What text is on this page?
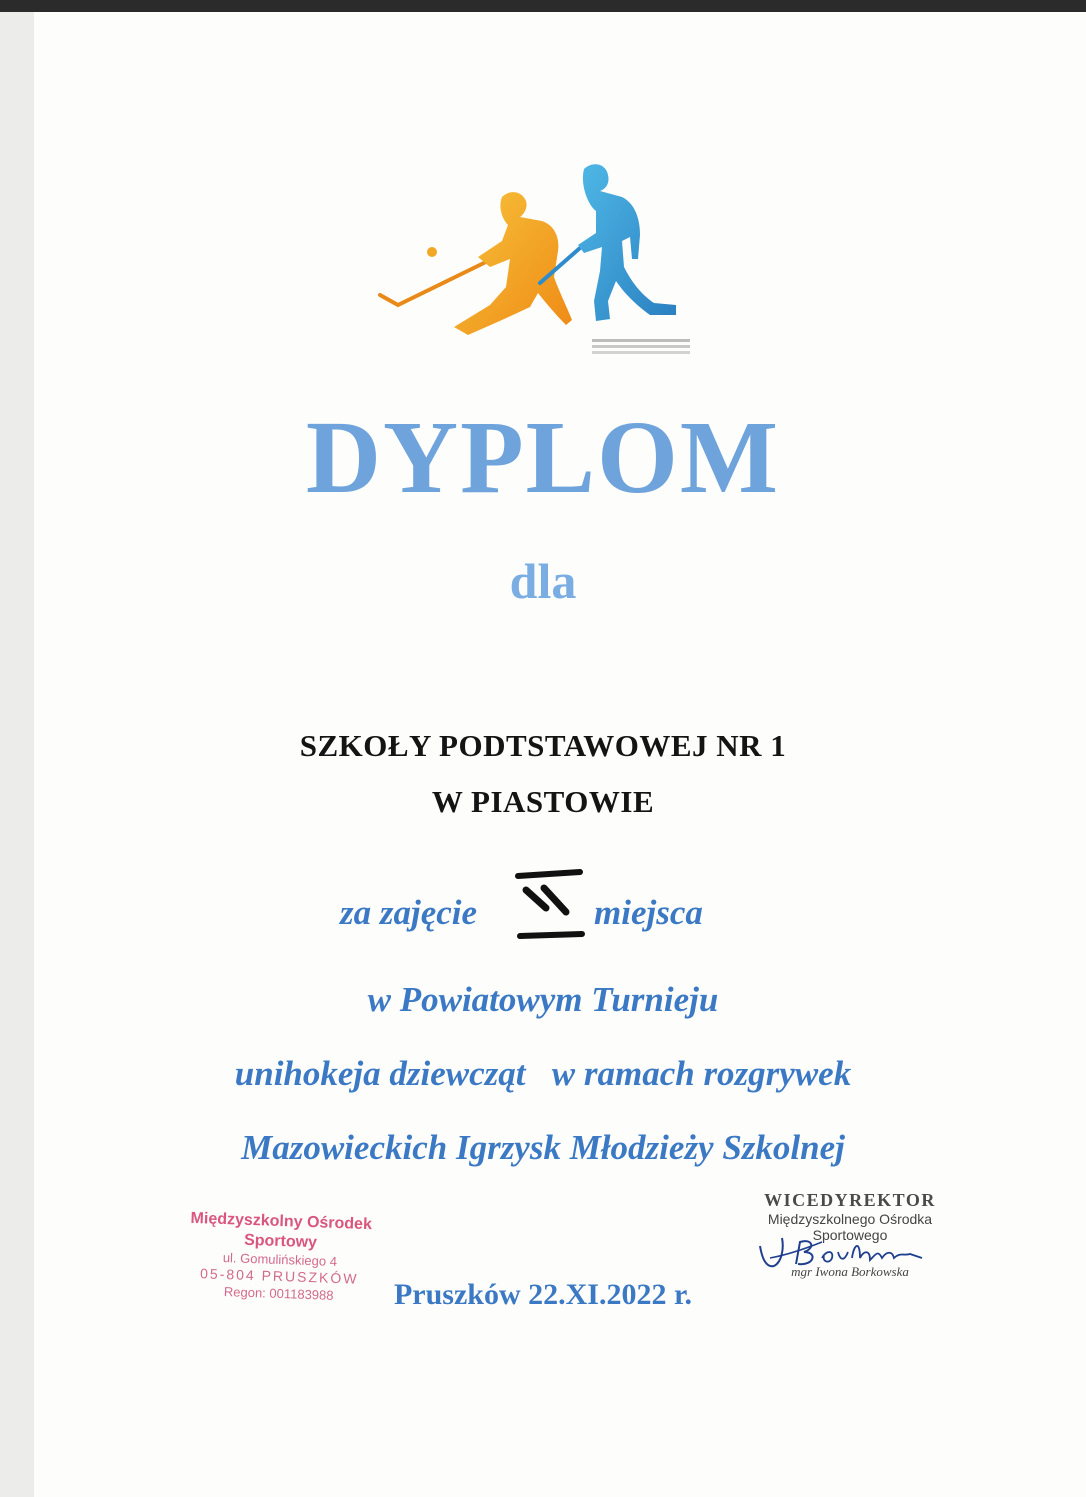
DYPLOM
dla
SZKOŁY PODTSTAWOWEJ NR 1
W PIASTOWIE
za zajęcie	miejsca
w Powiatowym Turnieju
unihokeja dziewcząt   w ramach rozgrywek
Mazowieckich Igrzysk Młodzieży Szkolnej
Międzyszkolny Ośrodek Sportowy
ul. Gomulińskiego 4
05-804 PRUSZKÓW
Regon: 001183988
WICEDYREKTOR
Międzyszkolnego Ośrodka
Sportowego
mgr Iwona Borkowska
Pruszków 22.XI.2022 r.
